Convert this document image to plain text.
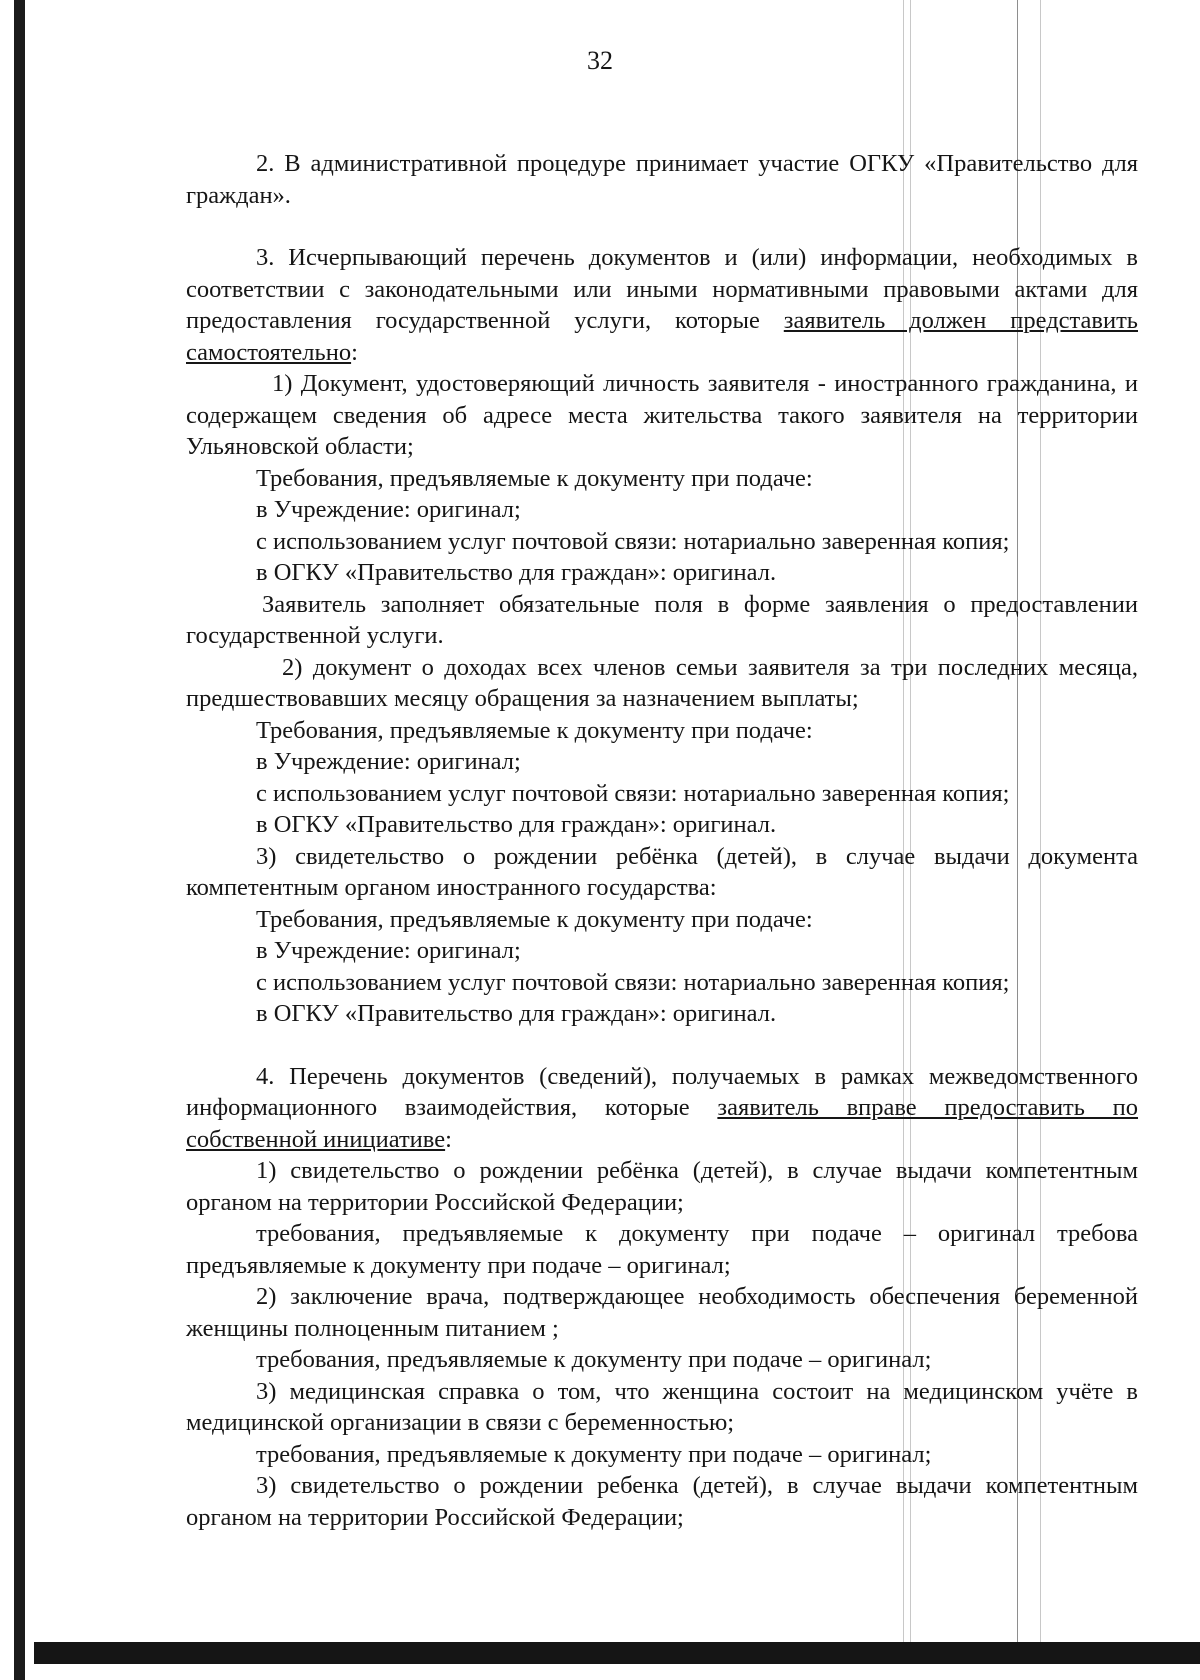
32

2. В административной процедуре принимает участие ОГКУ «Правительство для граждан».

3. Исчерпывающий перечень документов и (или) информации, необходимых в соответствии с законодательными или иными нормативными правовыми актами для предоставления государственной услуги, которые заявитель должен представить самостоятельно:

1) Документ, удостоверяющий личность заявителя - иностранного гражданина, и содержащем сведения об адресе места жительства такого заявителя на территории Ульяновской области;

Требования, предъявляемые к документу при подаче:

в Учреждение: оригинал;

с использованием услуг почтовой связи: нотариально заверенная копия;

в ОГКУ «Правительство для граждан»: оригинал.

Заявитель заполняет обязательные поля в форме заявления о предоставлении государственной услуги.

2) документ о доходах всех членов семьи заявителя за три последних месяца, предшествовавших месяцу обращения за назначением выплаты;

Требования, предъявляемые к документу при подаче:

в Учреждение: оригинал;

с использованием услуг почтовой связи: нотариально заверенная копия;

в ОГКУ «Правительство для граждан»: оригинал.

3) свидетельство о рождении ребёнка (детей), в случае выдачи документа компетентным органом иностранного государства:

Требования, предъявляемые к документу при подаче:

в Учреждение: оригинал;

с использованием услуг почтовой связи: нотариально заверенная копия;

в ОГКУ «Правительство для граждан»: оригинал.

4. Перечень документов (сведений), получаемых в рамках межведомственного информационного взаимодействия, которые заявитель вправе предоставить по собственной инициативе:

1) свидетельство о рождении ребёнка (детей), в случае выдачи компетентным органом на территории Российской Федерации;

требования, предъявляемые к документу при подаче – оригинал требова предъявляемые к документу при подаче – оригинал;

2) заключение врача, подтверждающее необходимость обеспечения беременной женщины полноценным питанием ;

требования, предъявляемые к документу при подаче – оригинал;

3) медицинская справка о том, что женщина состоит на медицинском учёте в медицинской организации в связи с беременностью;

требования, предъявляемые к документу при подаче – оригинал;

3) свидетельство о рождении ребенка (детей), в случае выдачи компетентным органом на территории Российской Федерации;
